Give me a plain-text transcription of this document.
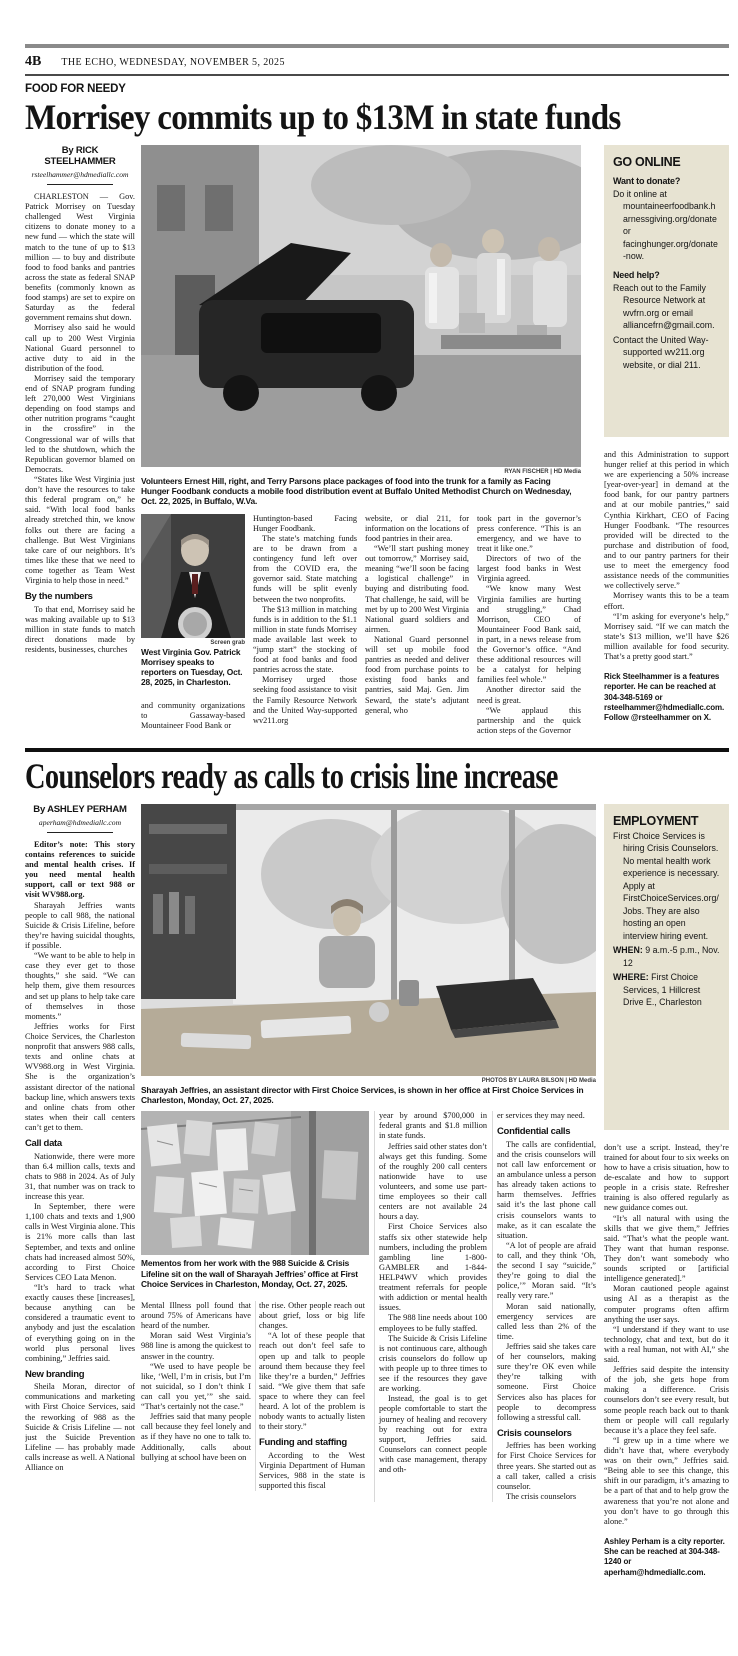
4B THE ECHO, WEDNESDAY, NOVEMBER 5, 2025
FOOD FOR NEEDY
Morrisey commits up to $13M in state funds
By RICK STEELHAMMER
rsteelhammer@hdmediallc.com

CHARLESTON — Gov. Patrick Morrisey on Tuesday challenged West Virginia citizens to donate money to a new fund — which the state will match to the tune of up to $13 million — to buy and distribute food to food banks and pantries across the state as federal SNAP benefits (commonly known as food stamps) are set to expire on Saturday as the federal government remains shut down.

Morrisey also said he would call up to 200 West Virginia National Guard personnel to active duty to aid in the distribution of the food.

Morrisey said the temporary end of SNAP program funding left 270,000 West Virginians depending on food stamps and other nutrition programs “caught in the crossfire” in the Congressional war of wills that led to the shutdown, which the Republican governor blamed on Democrats.

“States like West Virginia just don’t have the resources to take this federal program on,” he said. “With local food banks already stretched thin, we know folks out there are facing a challenge. But West Virginians take care of our neighbors. It’s times like these that we need to come together as Team West Virginia to help those in need.”

By the numbers

To that end, Morrisey said he was making available up to $13 million in state funds to match direct donations made by residents, businesses, churches

RYAN FISCHER | HD Media
Volunteers Ernest Hill, right, and Terry Parsons place packages of food into the trunk for a family as Facing Hunger Foodbank conducts a mobile food distribution event at Buffalo United Methodist Church on Wednesday, Oct. 22, 2025, in Buffalo, W.Va.
Screen grab
West Virginia Gov. Patrick Morrisey speaks to reporters on Tuesday, Oct. 28, 2025, in Charleston.

and community organizations to Gassaway-based Mountaineer Food Bank or

Huntington-based Facing Hunger Foodbank.

The state’s matching funds are to be drawn from a contingency fund left over from the COVID era, the governor said. State matching funds will be split evenly between the two nonprofits.

The $13 million in matching funds is in addition to the $1.1 million in state funds Morrisey made available last week to “jump start” the stocking of food at food banks and food pantries across the state.

Morrisey urged those seeking food assistance to visit the Family Resource Network and the United Way-supported wv211.org

website, or dial 211, for information on the locations of food pantries in their area.

“We’ll start pushing money out tomorrow,” Morrisey said, meaning “we’ll soon be facing a logistical challenge” in buying and distributing food. That challenge, he said, will be met by up to 200 West Virginia National guard soldiers and airmen.

National Guard personnel will set up mobile food pantries as needed and deliver food from purchase points to existing food banks and pantries, said Maj. Gen. Jim Seward, the state’s adjutant general, who

took part in the governor’s press conference. “This is an emergency, and we have to treat it like one.”

Directors of two of the largest food banks in West Virginia agreed.

“We know many West Virginia families are hurting and struggling,” Chad Morrison, CEO of Mountaineer Food Bank said, in part, in a news release from the Governor’s office. “And these additional resources will be a catalyst for helping families feel whole.”

Another director said the need is great.

“We applaud this partnership and the quick action steps of the Governor

GO ONLINE

Want to donate?

Do it online at mountaineerfoodbank.harnessgiving.org/donate or facinghunger.org/donate-now.

Need help?

Reach out to the Family Resource Network at wvfrn.org or email alliancefrn@gmail.com.

Contact the United Way-supported wv211.org website, or dial 211.

and this Administration to support hunger relief at this period in which we are experiencing a 50% increase [year-over-year] in demand at the food bank, for our pantry partners and at our mobile pantries,” said Cynthia Kirkhart, CEO of Facing Hunger Foodbank. “The resources provided will be directed to the purchase and distribution of food, and to our pantry partners for their use to meet the emergency food assistance needs of the communities we collectively serve.”

Morrisey wants this to be a team effort.

“I’m asking for everyone’s help,” Morrisey said. “If we can match the state’s $13 million, we’ll have $26 million available for food security. That’s a pretty good start.”

Rick Steelhammer is a features reporter. He can be reached at 304-348-5169 or rsteelhammer@hdmediallc.com. Follow @rsteelhammer on X.

Counselors ready as calls to crisis line increase
By ASHLEY PERHAM
aperham@hdmediallc.com

Editor’s note: This story contains references to suicide and mental health crises. If you need mental health support, call or text 988 or visit WV988.org.

Sharayah Jeffries wants people to call 988, the national Suicide & Crisis Lifeline, before they’re having suicidal thoughts, if possible.

“We want to be able to help in case they ever get to those thoughts,” she said. “We can help them, give them resources and set up plans to help take care of themselves in those moments.”

Jeffries works for First Choice Services, the Charleston nonprofit that answers 988 calls, texts and online chats at WV988.org in West Virginia. She is the organization’s assistant director of the national backup line, which answers texts and online chats from other states when their call centers can’t get to them.

Call data

Nationwide, there were more than 6.4 million calls, texts and chats to 988 in 2024. As of July 31, that number was on track to increase this year.

In September, there were 1,100 chats and texts and 1,900 calls in West Virginia alone. This is 21% more calls than last September, and texts and online chats had increased almost 50%, according to First Choice Services CEO Lata Menon.

“It’s hard to track what exactly causes these [increases], because anything can be considered a traumatic event to anybody and just the escalation of everything going on in the world plus personal lives combining,” Jeffries said.

New branding

Sheila Moran, director of communications and marketing with First Choice Services, said the reworking of 988 as the Suicide & Crisis Lifeline — not just the Suicide Prevention Lifeline — has probably made calls increase as well. A National Alliance on

PHOTOS BY LAURA BILSON | HD Media
Sharayah Jeffries, an assistant director with First Choice Services, is shown in her office at First Choice Services in Charleston, Monday, Oct. 27, 2025.
Mementos from her work with the 988 Suicide & Crisis Lifeline sit on the wall of Sharayah Jeffries’ office at First Choice Services in Charleston, Monday, Oct. 27, 2025.

Mental Illness poll found that around 75% of Americans have heard of the number.

Moran said West Virginia’s 988 line is among the quickest to answer in the country.

“We used to have people be like, ‘Well, I’m in crisis, but I’m not suicidal, so I don’t think I can call you yet,’” she said. “That’s certainly not the case.”

Jeffries said that many people call because they feel lonely and as if they have no one to talk to. Additionally, calls about bullying at school have been on

the rise. Other people reach out about grief, loss or big life changes.

“A lot of these people that reach out don’t feel safe to open up and talk to people around them because they feel like they’re a burden,” Jeffries said. “We give them that safe space to where they can feel heard. A lot of the problem is nobody wants to actually listen to their story.”

Funding and staffing

According to the West Virginia Department of Human Services, 988 in the state is supported this fiscal

year by around $700,000 in federal grants and $1.8 million in state funds.

Jeffries said other states don’t always get this funding. Some of the roughly 200 call centers nationwide have to use volunteers, and some use part-time employees so their call centers are not available 24 hours a day.

First Choice Services also staffs six other statewide help numbers, including the problem gambling line 1-800-GAMBLER and 1-844-HELP4WV which provides treatment referrals for people with addiction or mental health issues.

The 988 line needs about 100 employees to be fully staffed.

The Suicide & Crisis Lifeline is not continuous care, although crisis counselors do follow up with people up to three times to see if the resources they gave are working.

Instead, the goal is to get people comfortable to start the journey of healing and recovery by reaching out for extra support, Jeffries said. Counselors can connect people with case management, therapy and oth-

er services they may need.

Confidential calls

The calls are confidential, and the crisis counselors will not call law enforcement or an ambulance unless a person has already taken actions to harm themselves. Jeffries said it’s the last phone call crisis counselors wants to make, as it can escalate the situation.

“A lot of people are afraid to call, and they think ‘Oh, the second I say “suicide,” they’re going to dial the police,’” Moran said. “It’s really very rare.”

Moran said nationally, emergency services are called less than 2% of the time.

Jeffries said she takes care of her counselors, making sure they’re OK even while they’re talking with someone. First Choice Services also has places for people to decompress following a stressful call.

Crisis counselors

Jeffries has been working for First Choice Services for three years. She started out as a call taker, called a crisis counselor.

The crisis counselors

EMPLOYMENT

First Choice Services is hiring Crisis Counselors. No mental health work experience is necessary. Apply at FirstChoiceServices.org/Jobs. They are also hosting an open interview hiring event.

WHEN: 9 a.m.-5 p.m., Nov. 12

WHERE: First Choice Services, 1 Hillcrest Drive E., Charleston

don’t use a script. Instead, they’re trained for about four to six weeks on how to have a crisis situation, how to de-escalate and how to support people in a crisis state. Refresher training is also offered regularly as new guidance comes out.

“It’s all natural with using the skills that we give them,” Jeffries said. “That’s what the people want. They want that human response. They don’t want somebody who sounds scripted or [artificial intelligence generated].”

Moran cautioned people against using AI as a therapist as the computer programs often affirm anything the user says.

“I understand if they want to use technology, chat and text, but do it with a real human, not with AI,” she said.

Jeffries said despite the intensity of the job, she gets hope from making a difference. Crisis counselors don’t see every result, but some people reach back out to thank them or people will call regularly because it’s a place they feel safe.

“I grew up in a time where we didn’t have that, where everybody was on their own,” Jeffries said. “Being able to see this change, this shift in our paradigm, it’s amazing to be a part of that and to help grow the awareness that you’re not alone and you don’t have to go through this alone.”

Ashley Perham is a city reporter. She can be reached at 304-348-1240 or aperham@hdmediallc.com.
